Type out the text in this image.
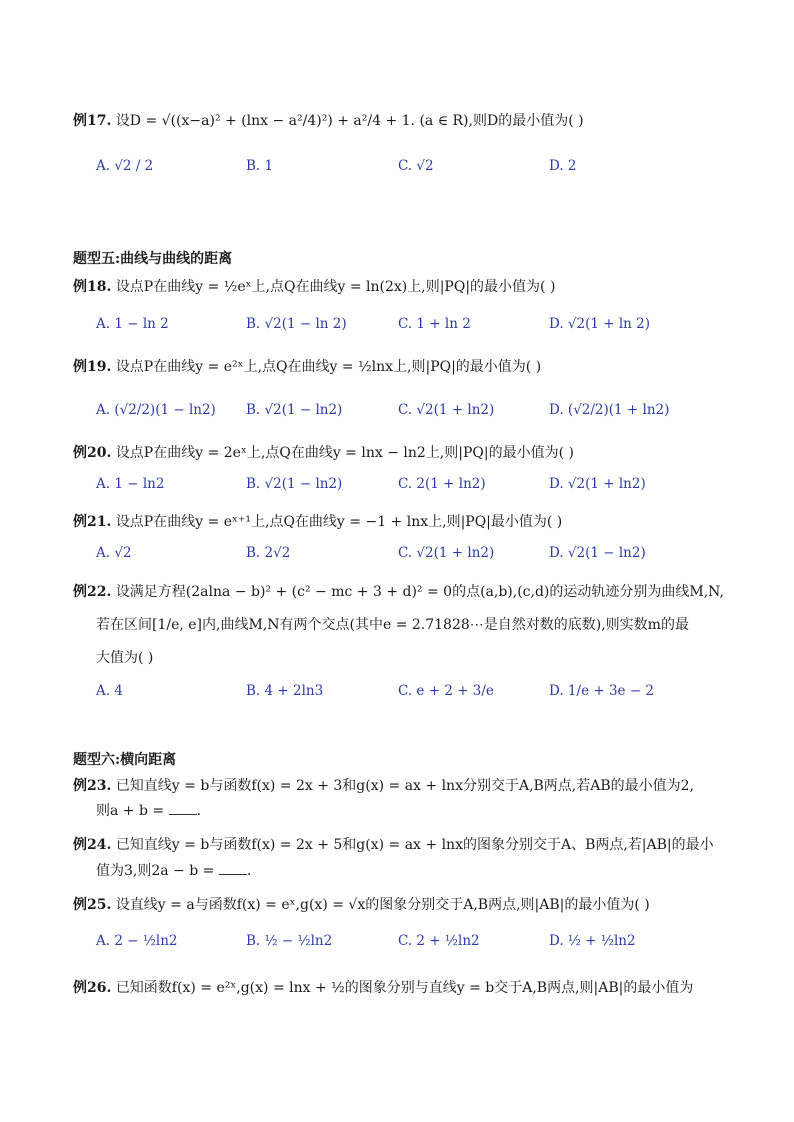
例17. 设D = √((x−a)² + (lnx − a²/4)²) + a²/4 + 1. (a ∈ R),则D的最小值为( )
A. √2 / 2	B. 1	C. √2	D. 2
题型五:曲线与曲线的距离
例18. 设点P在曲线y = ½eˣ上,点Q在曲线y = ln(2x)上,则|PQ|的最小值为( )
A. 1 − ln 2	B. √2(1 − ln 2)	C. 1 + ln 2	D. √2(1 + ln 2)
例19. 设点P在曲线y = e²ˣ上,点Q在曲线y = ½lnx上,则|PQ|的最小值为( )
A. (√2/2)(1 − ln2) B. √2(1 − ln2)	C. √2(1 + ln2)	D. (√2/2)(1 + ln2)
例20. 设点P在曲线y = 2eˣ上,点Q在曲线y = lnx − ln2上,则|PQ|的最小值为( )
A. 1 − ln2	B. √2(1 − ln2)	C. 2(1 + ln2)	D. √2(1 + ln2)
例21. 设点P在曲线y = eˣ⁺¹上,点Q在曲线y = −1 + lnx上,则|PQ|最小值为( )
A. √2	B. 2√2	C. √2(1 + ln2)	D. √2(1 − ln2)
例22. 设满足方程(2alna − b)² + (c² − mc + 3 + d)² = 0的点(a,b),(c,d)的运动轨迹分别为曲线M,N,
若在区间[1/e, e]内,曲线M,N有两个交点(其中e = 2.71828⋯是自然对数的底数),则实数m的最
大值为( )
A. 4	B. 4 + 2ln3	C. e + 2 + 3/e	D. 1/e + 3e − 2
题型六:横向距离
例23. 已知直线y = b与函数f(x) = 2x + 3和g(x) = ax + lnx分别交于A,B两点,若AB的最小值为2,
则a + b = .
例24. 已知直线y = b与函数f(x) = 2x + 5和g(x) = ax + lnx的图象分别交于A、B两点,若|AB|的最小
值为3,则2a − b = .
例25. 设直线y = a与函数f(x) = eˣ,g(x) = √x的图象分别交于A,B两点,则|AB|的最小值为( )
A. 2 − ½ln2	B. ½ − ½ln2	C. 2 + ½ln2	D. ½ + ½ln2
例26. 已知函数f(x) = e²ˣ,g(x) = lnx + ½的图象分别与直线y = b交于A,B两点,则|AB|的最小值为
